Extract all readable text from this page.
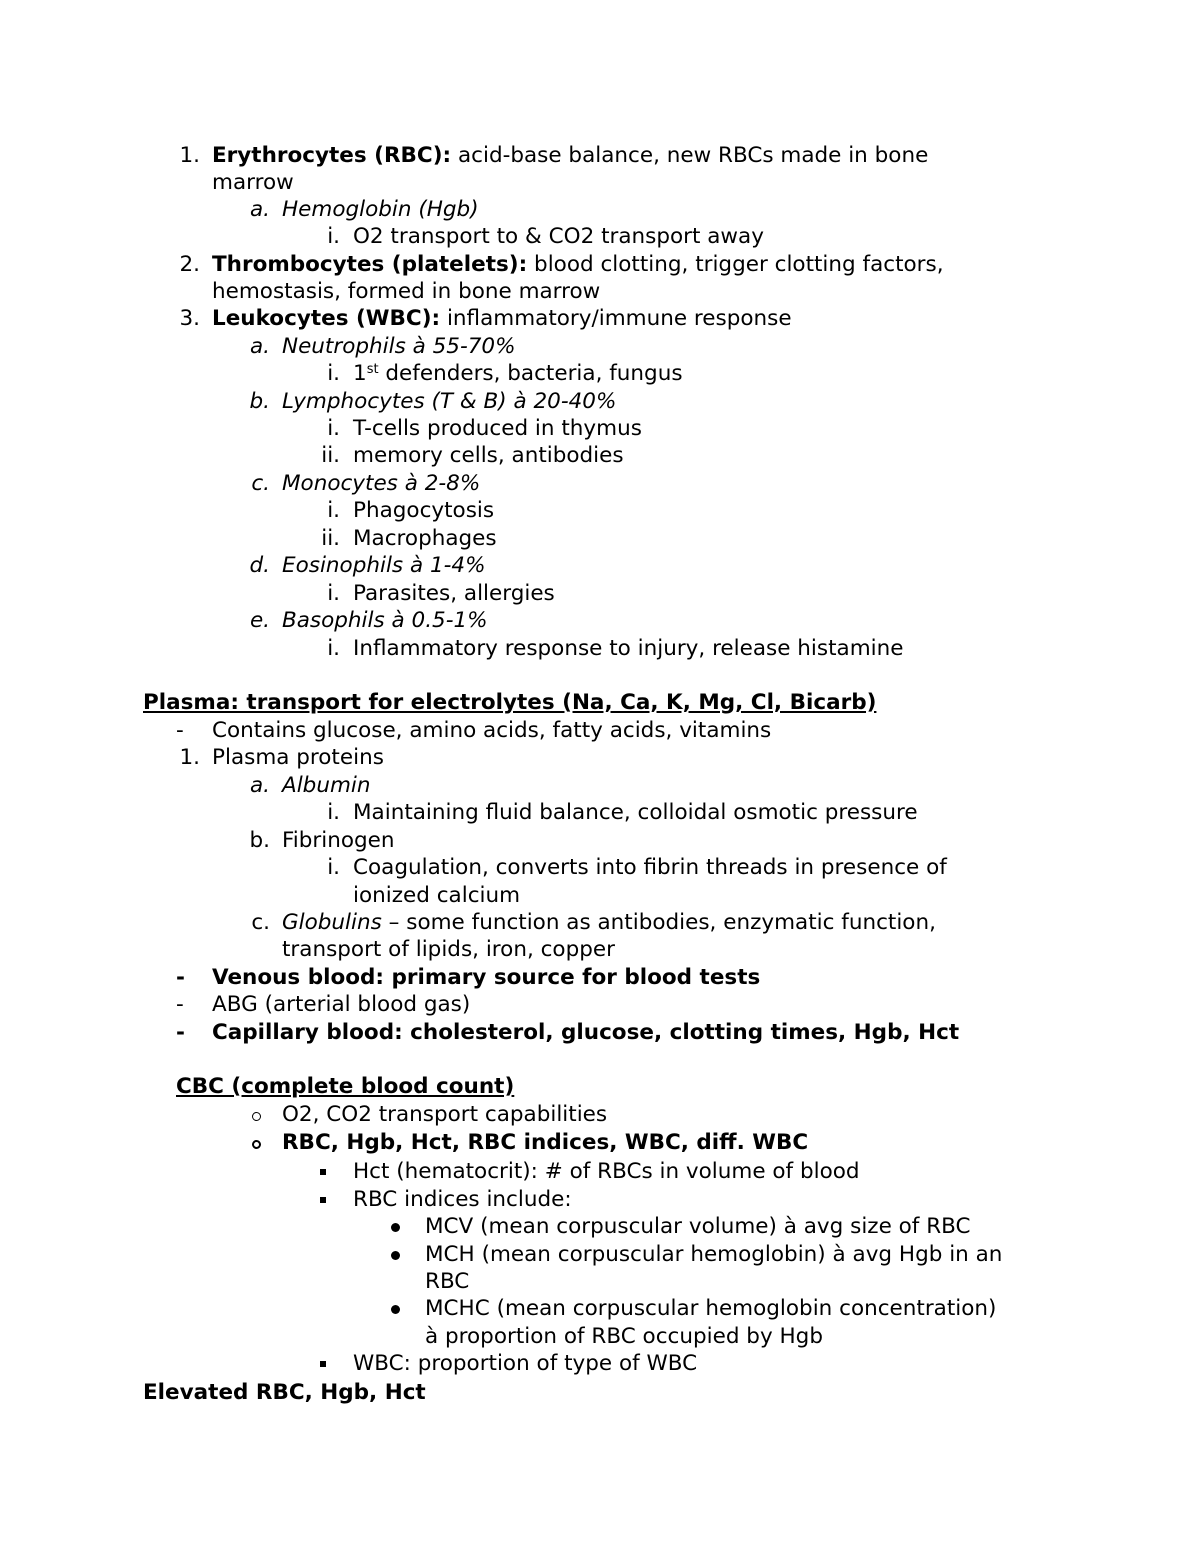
1. Erythrocytes (RBC): acid-base balance, new RBCs made in bone
marrow
a. Hemoglobin (Hgb)
i. O2 transport to & CO2 transport away
2. Thrombocytes (platelets): blood clotting, trigger clotting factors,
hemostasis, formed in bone marrow
3. Leukocytes (WBC): inflammatory/immune response
a. Neutrophils à 55-70%
i. 1st defenders, bacteria, fungus
b. Lymphocytes (T & B) à 20-40%
i. T-cells produced in thymus
ii. memory cells, antibodies
c. Monocytes à 2-8%
i. Phagocytosis
ii. Macrophages
d. Eosinophils à 1-4%
i. Parasites, allergies
e. Basophils à 0.5-1%
i. Inflammatory response to injury, release histamine
Plasma: transport for electrolytes (Na, Ca, K, Mg, Cl, Bicarb)
- Contains glucose, amino acids, fatty acids, vitamins
1. Plasma proteins
a. Albumin
i. Maintaining fluid balance, colloidal osmotic pressure
b. Fibrinogen
i. Coagulation, converts into fibrin threads in presence of
ionized calcium
c. Globulins – some function as antibodies, enzymatic function,
transport of lipids, iron, copper
- Venous blood: primary source for blood tests
- ABG (arterial blood gas)
- Capillary blood: cholesterol, glucose, clotting times, Hgb, Hct
CBC (complete blood count)
O2, CO2 transport capabilities
RBC, Hgb, Hct, RBC indices, WBC, diff. WBC
Hct (hematocrit): # of RBCs in volume of blood
RBC indices include:
MCV (mean corpuscular volume) à avg size of RBC
MCH (mean corpuscular hemoglobin) à avg Hgb in an
RBC
MCHC (mean corpuscular hemoglobin concentration)
à proportion of RBC occupied by Hgb
WBC: proportion of type of WBC
Elevated RBC, Hgb, Hct
